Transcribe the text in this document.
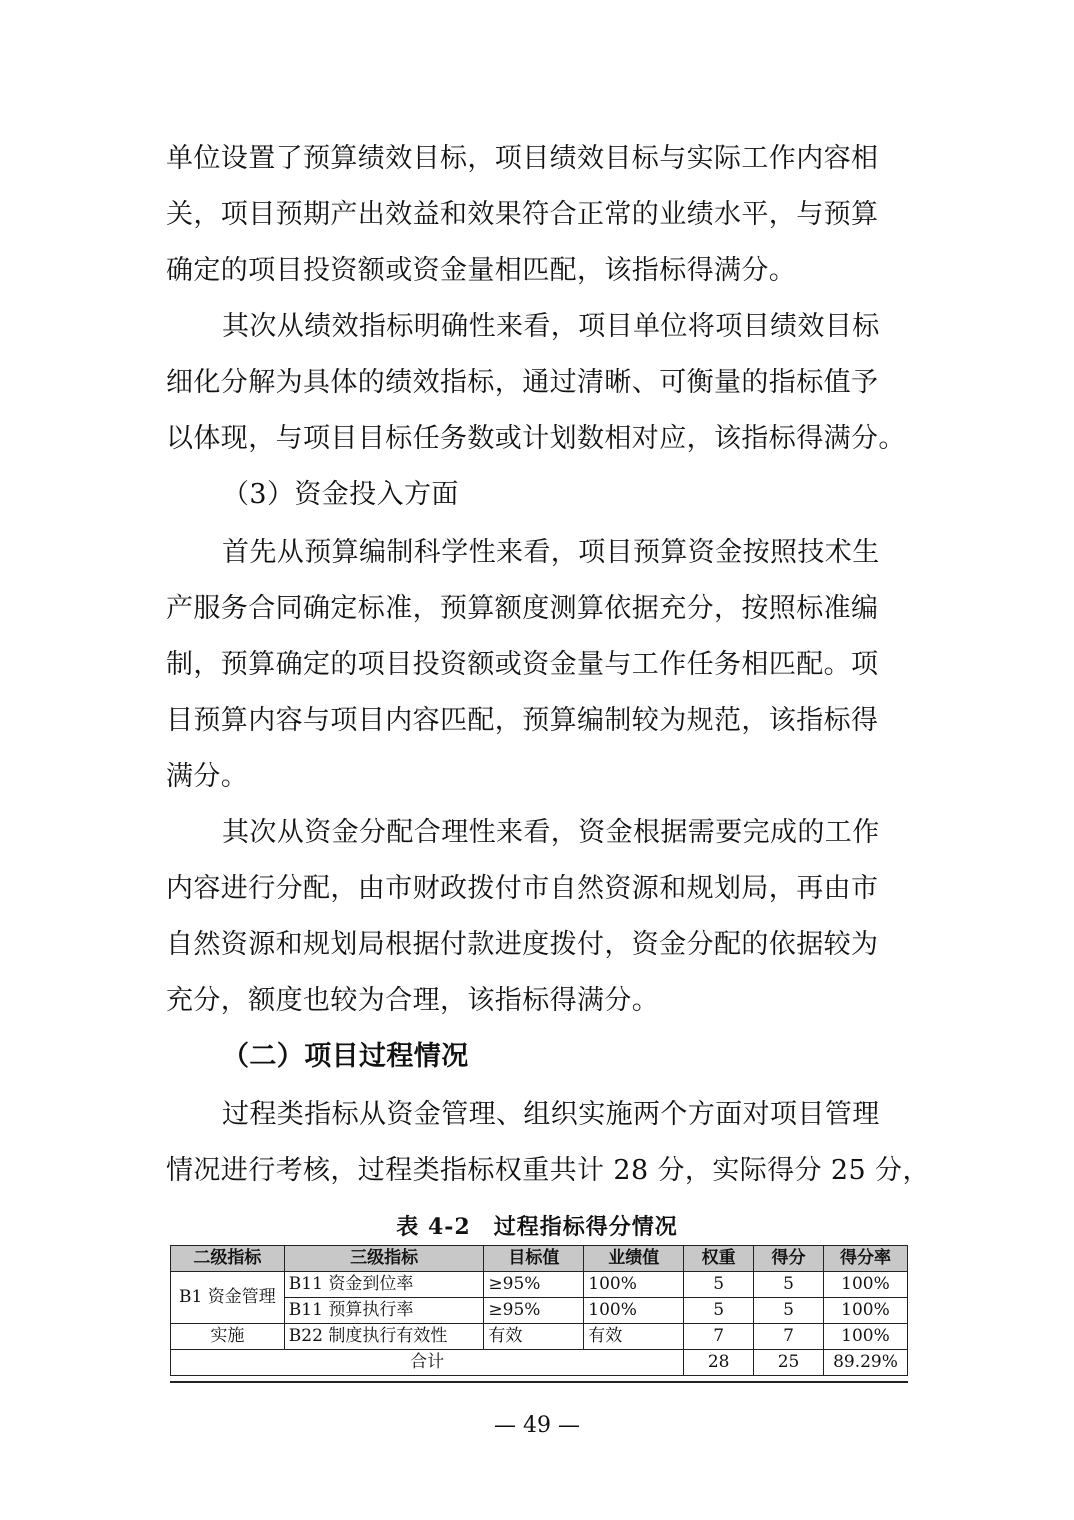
单位设置了预算绩效目标，项目绩效目标与实际工作内容相
关，项目预期产出效益和效果符合正常的业绩水平，与预算
确定的项目投资额或资金量相匹配，该指标得满分。
其次从绩效指标明确性来看，项目单位将项目绩效目标
细化分解为具体的绩效指标，通过清晰、可衡量的指标值予
以体现，与项目目标任务数或计划数相对应，该指标得满分。
（3）资金投入方面
首先从预算编制科学性来看，项目预算资金按照技术生
产服务合同确定标准，预算额度测算依据充分，按照标准编
制，预算确定的项目投资额或资金量与工作任务相匹配。项
目预算内容与项目内容匹配，预算编制较为规范，该指标得
满分。
其次从资金分配合理性来看，资金根据需要完成的工作
内容进行分配，由市财政拨付市自然资源和规划局，再由市
自然资源和规划局根据付款进度拨付，资金分配的依据较为
充分，额度也较为合理，该指标得满分。
（二）项目过程情况
过程类指标从资金管理、组织实施两个方面对项目管理
情况进行考核，过程类指标权重共计 28 分，实际得分 25 分，
表 4-2　过程指标得分情况
二级指标	三级指标	目标值	业绩值	权重	得分	得分率
B1 资金管理	B11 资金到位率	≥95%	100%	5	5	100%
	B11 预算执行率	≥95%	100%	5	5	100%
实施	B22 制度执行有效性	有效	有效	7	7	100%
合计				28	25	89.29%
— 49 —
